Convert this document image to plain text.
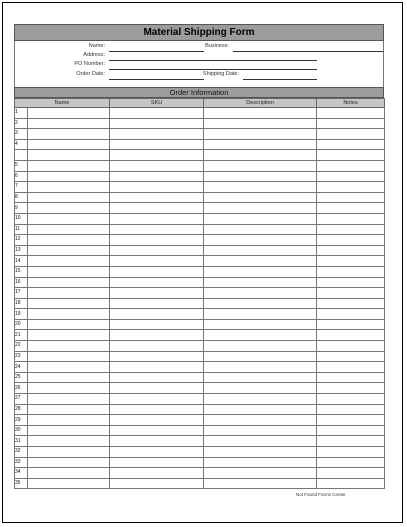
Material Shipping Form
Name:	Business:
Address:
PO Number:
Order Date:	Shipping Date:
Order Information
Name		SKU	Description	Notes
1				
2				
3				
4				

5				
6				
7				
8				
9				
10				
11				
12				
13				
14				
15				
16				
17				
18				
19				
20				
21				
22				
23				
24				
25				
26				
27				
28				
29				
30				
31				
32				
33				
34				
35				
Not Found Forms Center
